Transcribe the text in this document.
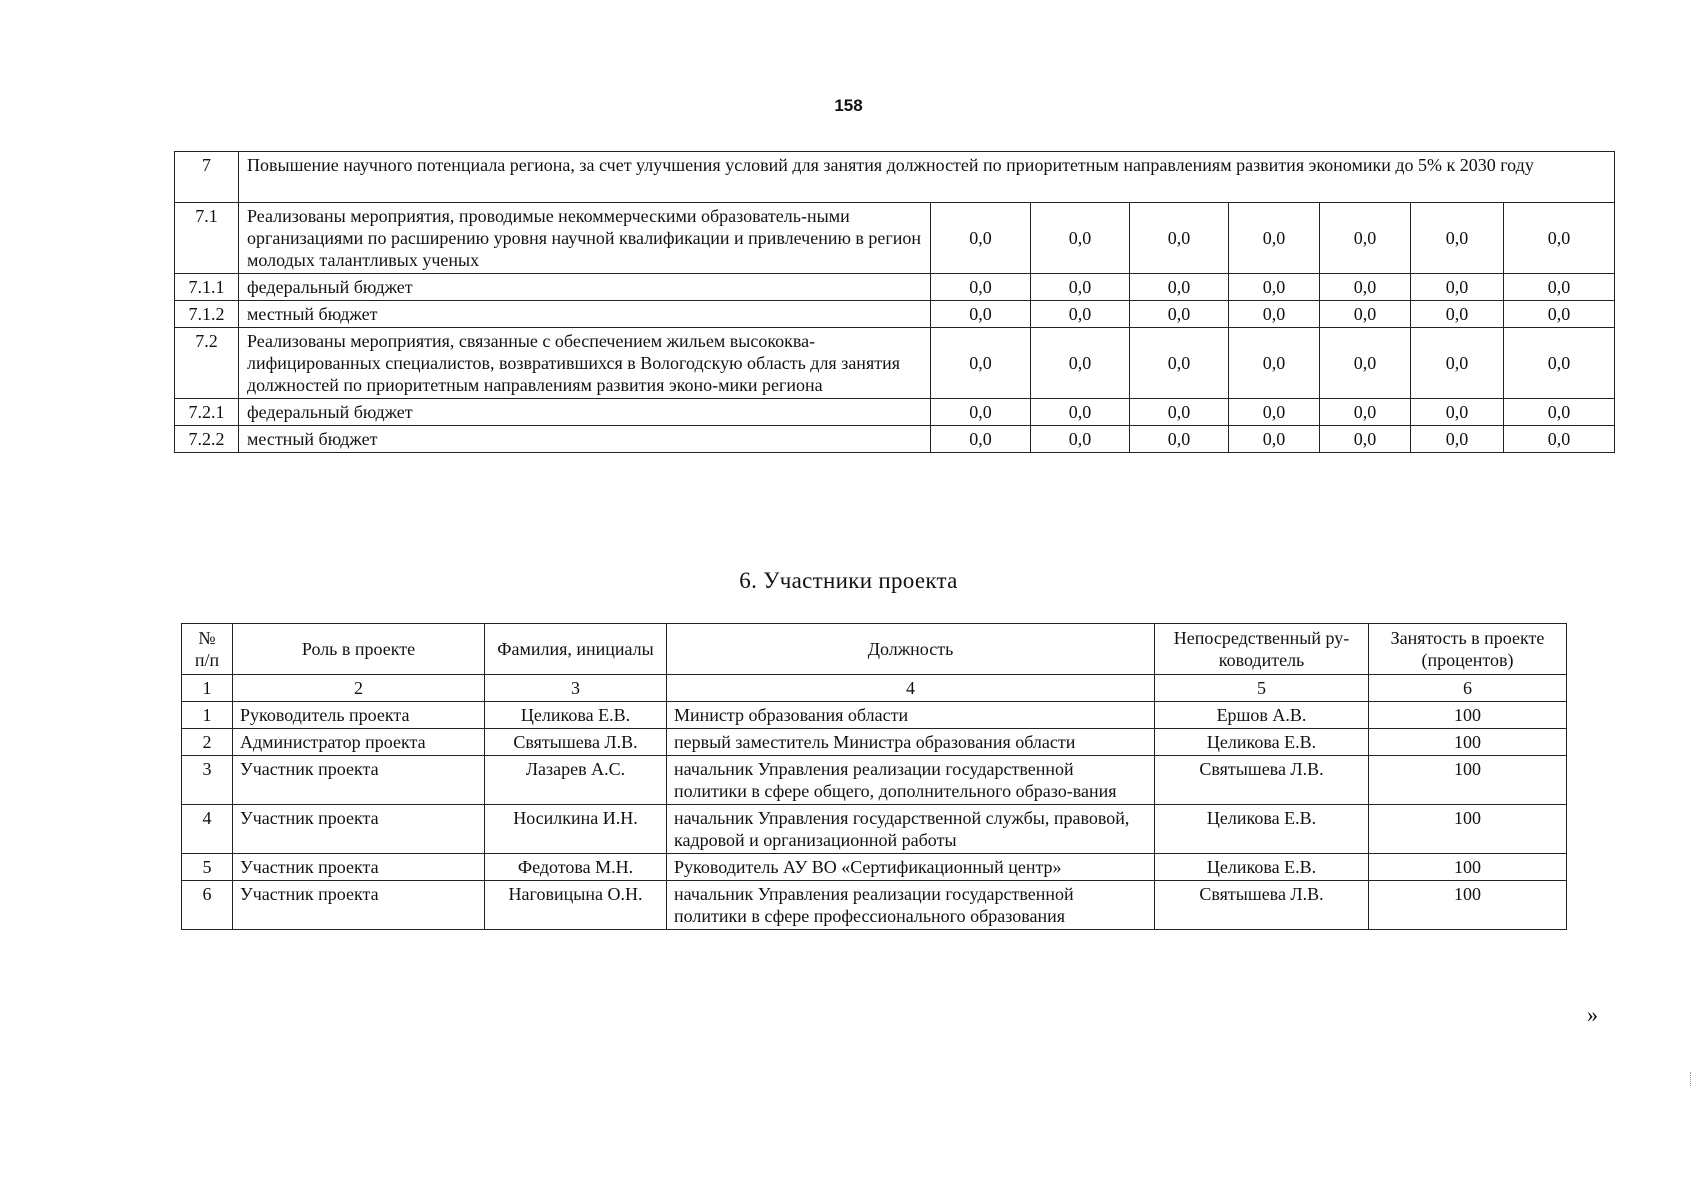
158
7	Повышение научного потенциала региона, за счет улучшения условий для занятия должностей по приоритетным направлениям развития экономики до 5% к 2030 году							
7.1	Реализованы мероприятия, проводимые некоммерческими образователь-ными организациями по расширению уровня научной квалификации и привлечению в регион молодых талантливых ученых	0,0	0,0	0,0	0,0	0,0	0,0	0,0
7.1.1	федеральный бюджет	0,0	0,0	0,0	0,0	0,0	0,0	0,0
7.1.2	местный бюджет	0,0	0,0	0,0	0,0	0,0	0,0	0,0
7.2	Реализованы мероприятия, связанные с обеспечением жильем высококва-лифицированных специалистов, возвратившихся в Вологодскую область для занятия должностей по приоритетным направлениям развития эконо-мики региона	0,0	0,0	0,0	0,0	0,0	0,0	0,0
7.2.1	федеральный бюджет	0,0	0,0	0,0	0,0	0,0	0,0	0,0
7.2.2	местный бюджет	0,0	0,0	0,0	0,0	0,0	0,0	0,0
6. Участники проекта
№ п/п	Роль в проекте	Фамилия, инициалы	Должность	Непосредственный ру-ководитель	Занятость в проекте (процентов)
1	2	3	4	5	6
1	Руководитель проекта	Целикова Е.В.	Министр образования области	Ершов А.В.	100
2	Администратор проекта	Святышева Л.В.	первый заместитель Министра образования области	Целикова Е.В.	100
3	Участник проекта	Лазарев А.С.	начальник Управления реализации государственной политики в сфере общего, дополнительного образо-вания	Святышева Л.В.	100
4	Участник проекта	Носилкина И.Н.	начальник Управления государственной службы, правовой, кадровой и организационной работы	Целикова Е.В.	100
5	Участник проекта	Федотова М.Н.	Руководитель АУ ВО «Сертификационный центр»	Целикова Е.В.	100
6	Участник проекта	Наговицына О.Н.	начальник Управления реализации государственной политики в сфере профессионального образования	Святышева Л.В.	100
»
